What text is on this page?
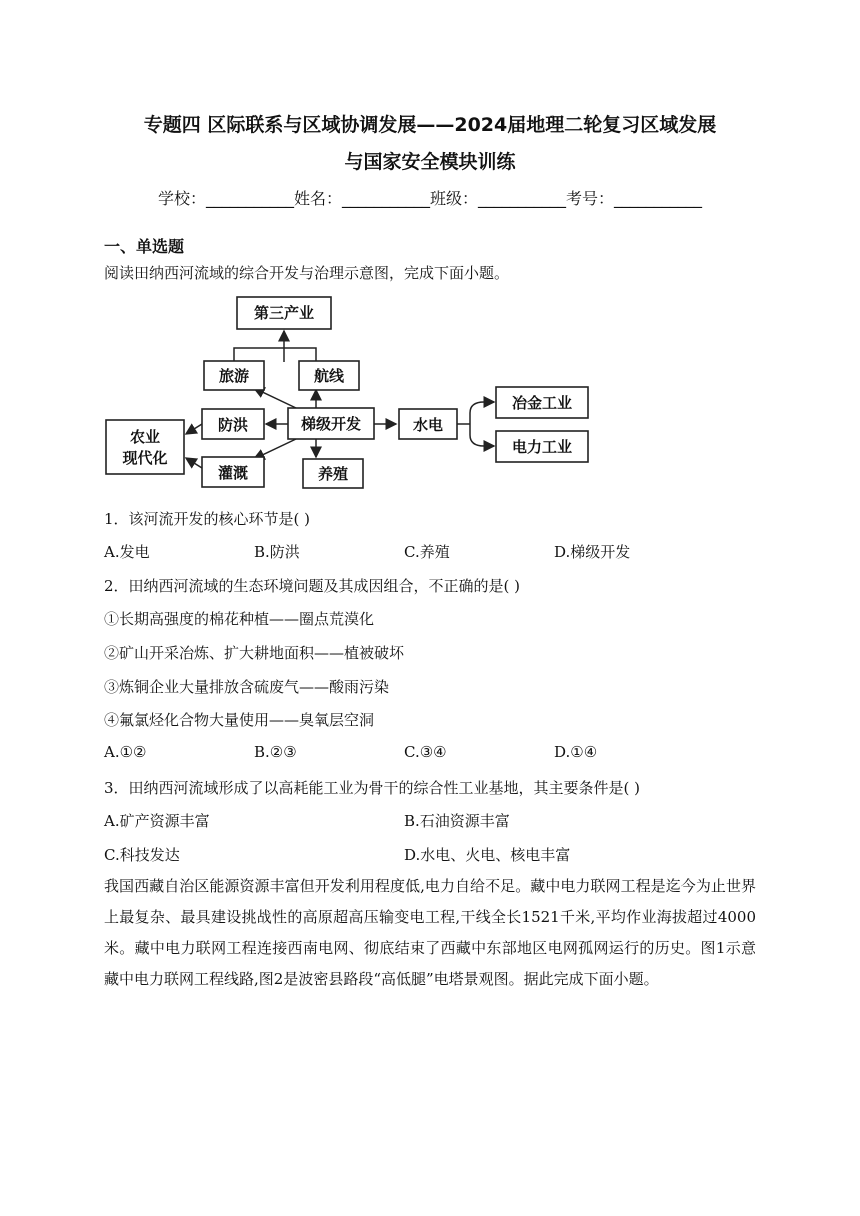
专题四 区际联系与区域协调发展——2024届地理二轮复习区域发展
与国家安全模块训练
学校：___________姓名：___________班级：___________考号：___________
一、单选题
阅读田纳西河流域的综合开发与治理示意图，完成下面小题。
第三产业
旅游	航线
防洪	梯级开发	水电
冶金工业
电力工业
农业
现代化
灌溉	养殖
1．该河流开发的核心环节是( )
A.发电	B.防洪	C.养殖	D.梯级开发
2．田纳西河流域的生态环境问题及其成因组合，不正确的是( )
①长期高强度的棉花种植——圈点荒漠化
②矿山开采冶炼、扩大耕地面积——植被破坏
③炼铜企业大量排放含硫废气——酸雨污染
④氟氯烃化合物大量使用——臭氧层空洞
A.①②	B.②③	C.③④	D.①④
3．田纳西河流域形成了以高耗能工业为骨干的综合性工业基地，其主要条件是( )
A.矿产资源丰富	B.石油资源丰富
C.科技发达	D.水电、火电、核电丰富
我国西藏自治区能源资源丰富但开发利用程度低,电力自给不足。藏中电力联网工程是迄今为止世界上最复杂、最具建设挑战性的高原超高压输变电工程,干线全长1521千米,平均作业海拔超过4000米。藏中电力联网工程连接西南电网、彻底结束了西藏中东部地区电网孤网运行的历史。图1示意藏中电力联网工程线路,图2是波密县路段“高低腿”电塔景观图。据此完成下面小题。
